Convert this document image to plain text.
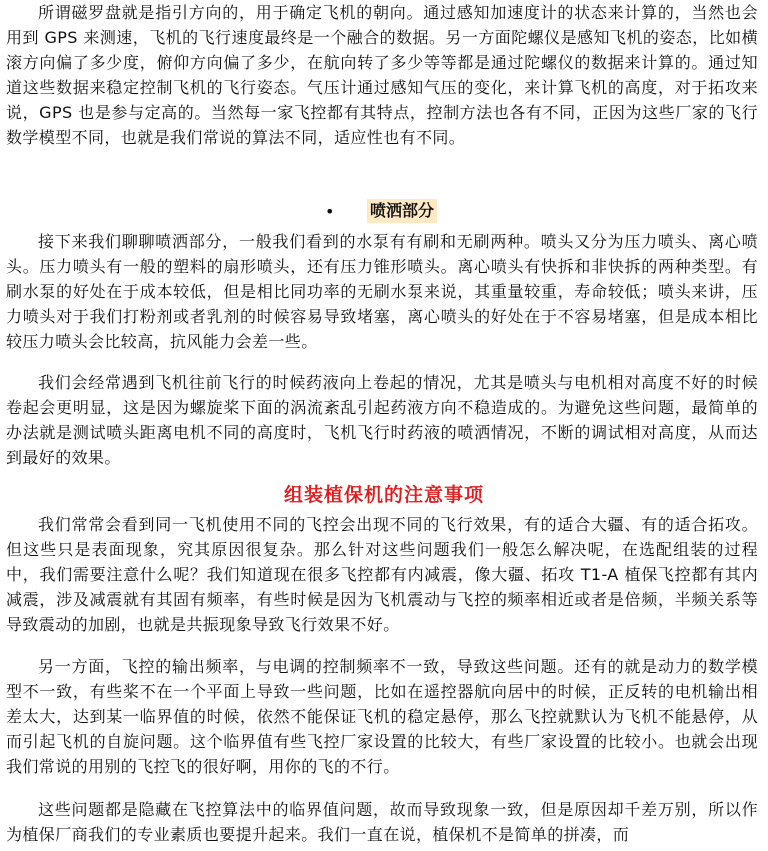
所谓磁罗盘就是指引方向的，用于确定飞机的朝向。通过感知加速度计的状态来计算的，当然也会用到 GPS 来测速，飞机的飞行速度最终是一个融合的数据。另一方面陀螺仪是感知飞机的姿态，比如横滚方向偏了多少度，俯仰方向偏了多少，在航向转了多少等等都是通过陀螺仪的数据来计算的。通过知道这些数据来稳定控制飞机的飞行姿态。气压计通过感知气压的变化，来计算飞机的高度，对于拓攻来说，GPS 也是参与定高的。当然每一家飞控都有其特点，控制方法也各有不同，正因为这些厂家的飞行数学模型不同，也就是我们常说的算法不同，适应性也有不同。

• 喷洒部分

接下来我们聊聊喷洒部分，一般我们看到的水泵有有刷和无刷两种。喷头又分为压力喷头、离心喷头。压力喷头有一般的塑料的扇形喷头，还有压力锥形喷头。离心喷头有快拆和非快拆的两种类型。有刷水泵的好处在于成本较低，但是相比同功率的无刷水泵来说，其重量较重，寿命较低；喷头来讲，压力喷头对于我们打粉剂或者乳剂的时候容易导致堵塞，离心喷头的好处在于不容易堵塞，但是成本相比较压力喷头会比较高，抗风能力会差一些。

我们会经常遇到飞机往前飞行的时候药液向上卷起的情况，尤其是喷头与电机相对高度不好的时候卷起会更明显，这是因为螺旋桨下面的涡流紊乱引起药液方向不稳造成的。为避免这些问题，最简单的办法就是测试喷头距离电机不同的高度时，飞机飞行时药液的喷洒情况，不断的调试相对高度，从而达到最好的效果。

组装植保机的注意事项

我们常常会看到同一飞机使用不同的飞控会出现不同的飞行效果，有的适合大疆、有的适合拓攻。但这些只是表面现象，究其原因很复杂。那么针对这些问题我们一般怎么解决呢，在选配组装的过程中，我们需要注意什么呢？我们知道现在很多飞控都有内减震，像大疆、拓攻 T1-A 植保飞控都有其内减震，涉及减震就有其固有频率，有些时候是因为飞机震动与飞控的频率相近或者是倍频，半频关系等导致震动的加剧，也就是共振现象导致飞行效果不好。

另一方面，飞控的输出频率，与电调的控制频率不一致，导致这些问题。还有的就是动力的数学模型不一致，有些桨不在一个平面上导致一些问题，比如在遥控器航向居中的时候，正反转的电机输出相差太大，达到某一临界值的时候，依然不能保证飞机的稳定悬停，那么飞控就默认为飞机不能悬停，从而引起飞机的自旋问题。这个临界值有些飞控厂家设置的比较大，有些厂家设置的比较小。也就会出现我们常说的用别的飞控飞的很好啊，用你的飞的不行。

这些问题都是隐藏在飞控算法中的临界值问题，故而导致现象一致，但是原因却千差万别，所以作为植保厂商我们的专业素质也要提升起来。我们一直在说，植保机不是简单的拼凑，而
